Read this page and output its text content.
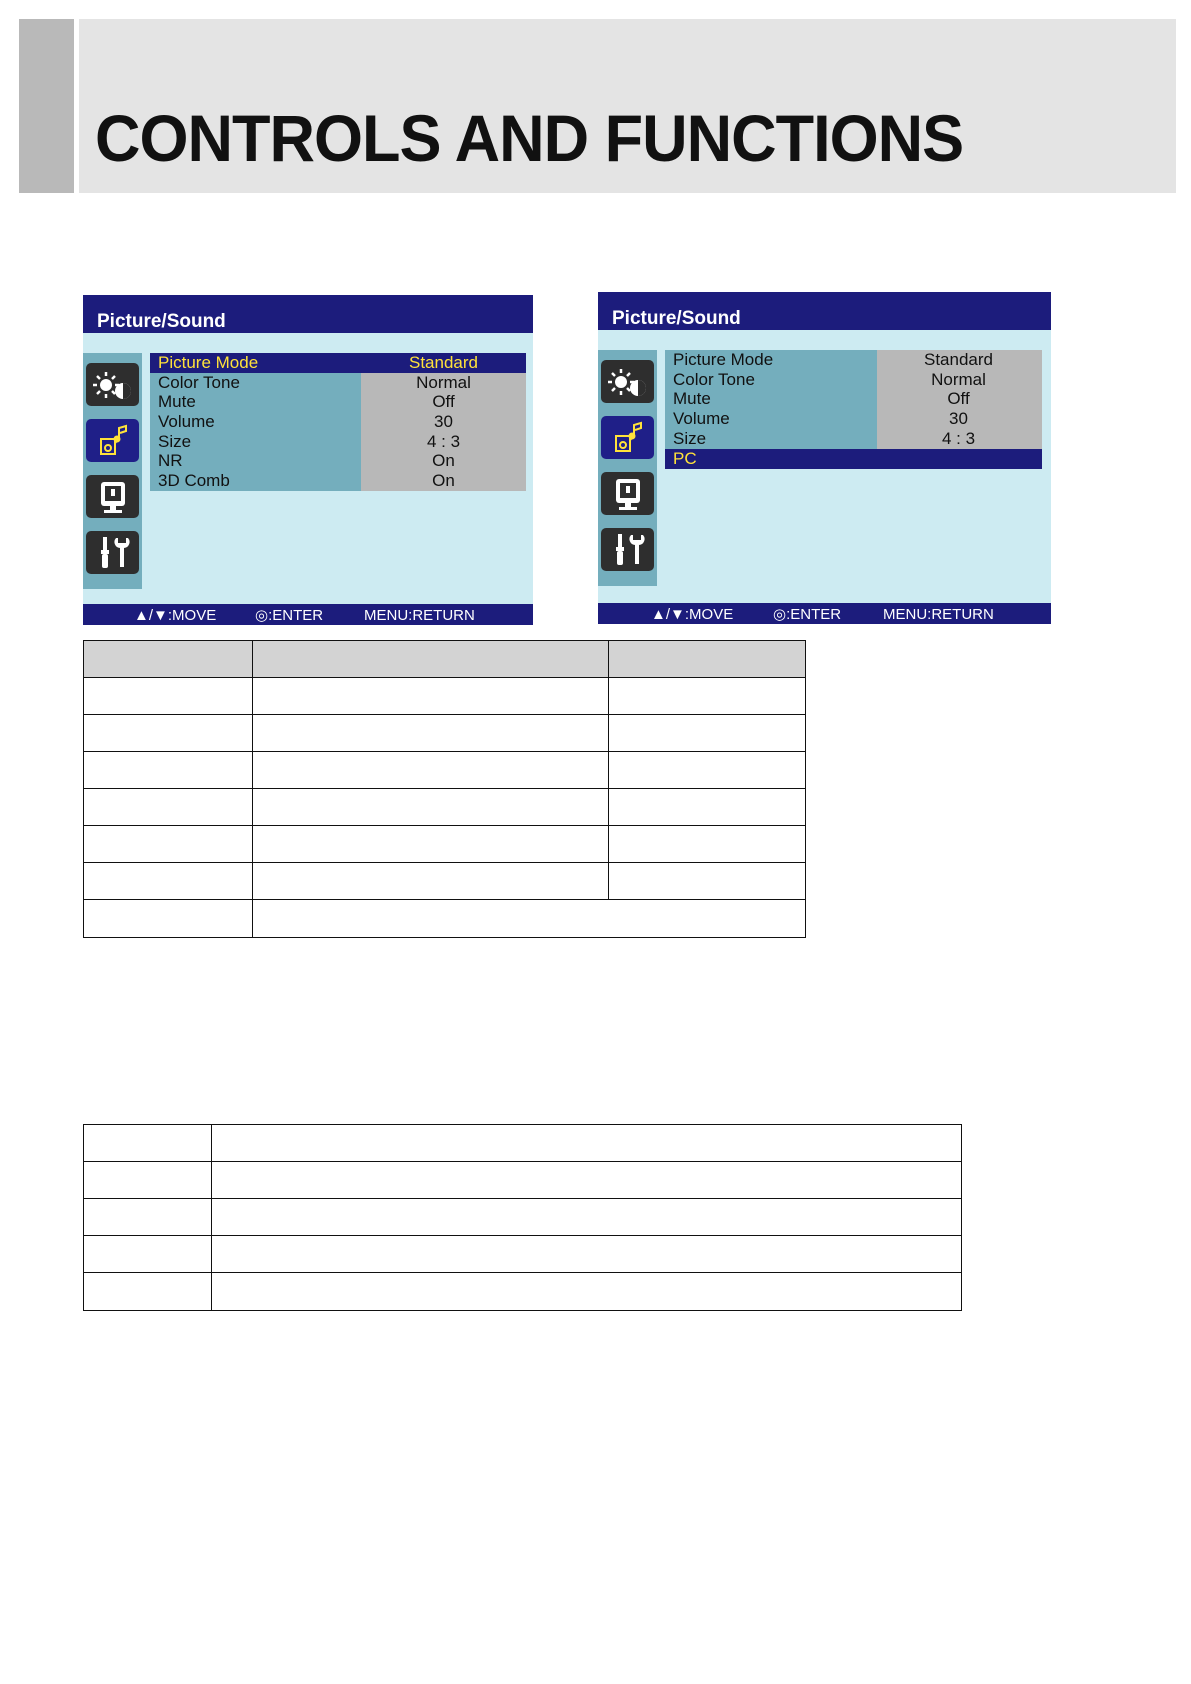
CONTROLS AND FUNCTIONS
Picture/Sound
Picture Mode	Standard
Color Tone	Normal
Mute	Off
Volume	30
Size	4 : 3
NR	On
3D Comb	On
▲/▼:MOVE	◎:ENTER	MENU:RETURN
Picture/Sound
Picture Mode	Standard
Color Tone	Normal
Mute	Off
Volume	30
Size	4 : 3
PC
▲/▼:MOVE	◎:ENTER	MENU:RETURN
